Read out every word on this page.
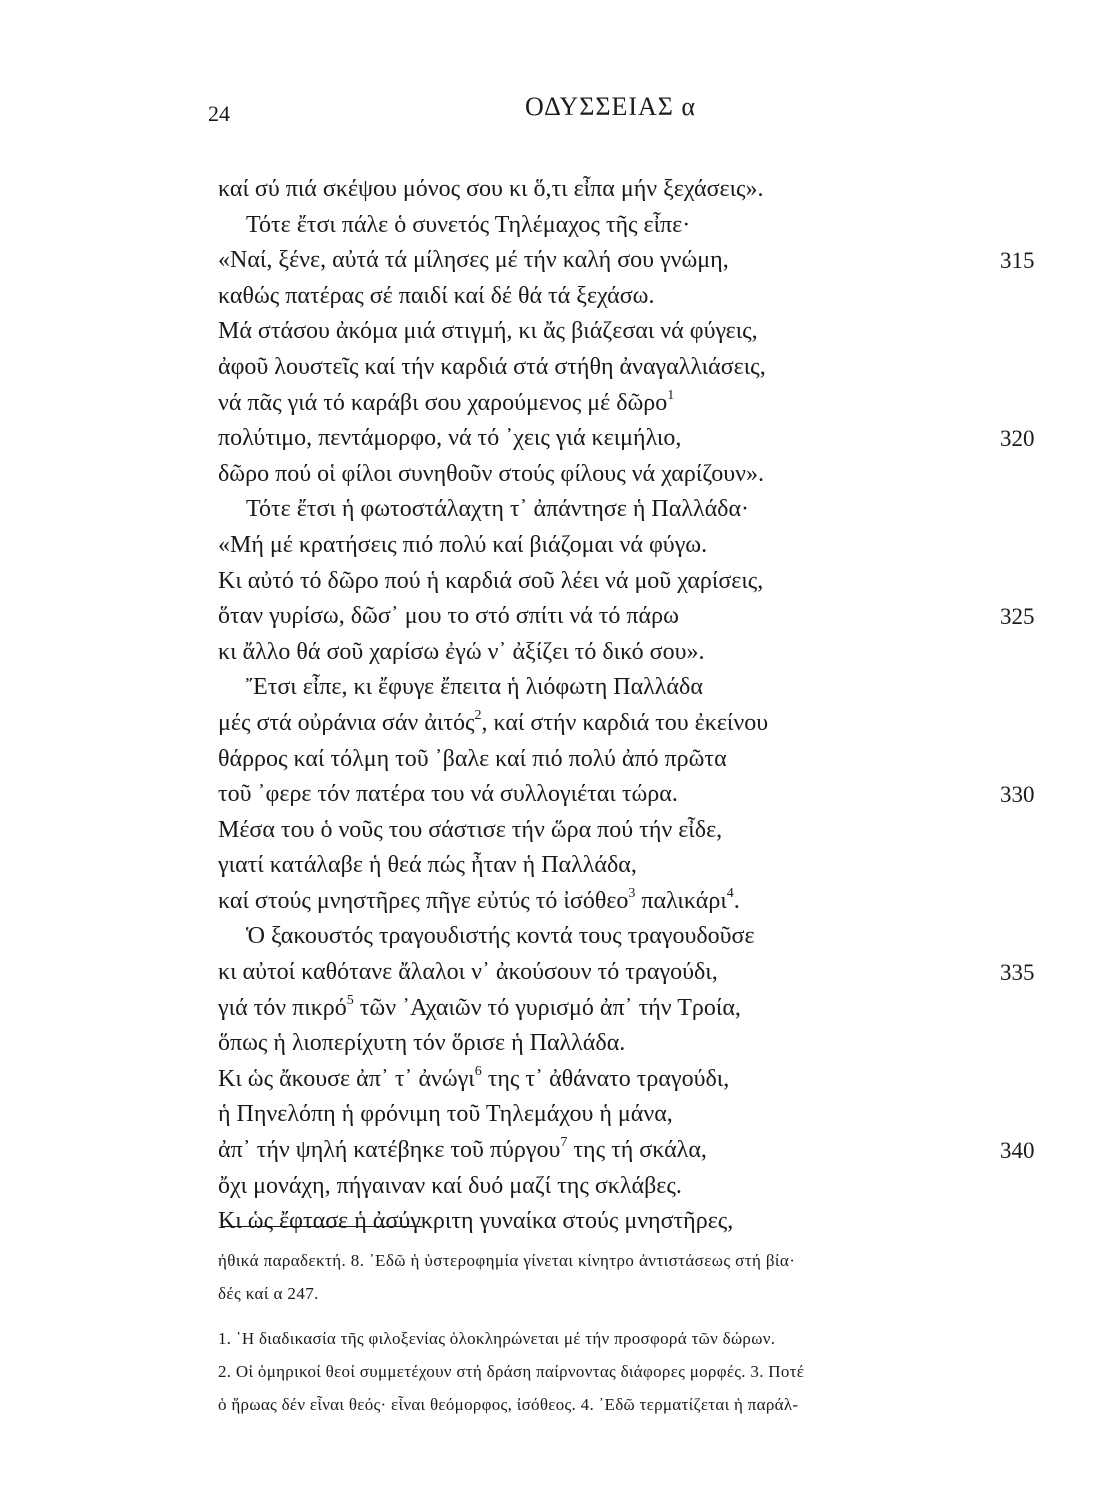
24	ΟΔΥΣΣΕΙΑΣ α
καί σύ πιά σκέψου μόνος σου κι ὅ,τι εἶπα μήν ξεχάσεις».
Τότε ἔτσι πάλε ὁ συνετός Τηλέμαχος τῆς εἶπε·
«Ναί, ξένε, αὐτά τά μίλησες μέ τήν καλή σου γνώμη,	315
καθώς πατέρας σέ παιδί καί δέ θά τά ξεχάσω.
Μά στάσου ἀκόμα μιά στιγμή, κι ἄς βιάζεσαι νά φύγεις,
ἀφοῦ λουστεῖς καί τήν καρδιά στά στήθη ἀναγαλλιάσεις,
νά πᾶς γιά τό καράβι σου χαρούμενος μέ δῶρο$^1$
πολύτιμο, πεντάμορφο, νά τό ᾽χεις γιά κειμήλιο,	320
δῶρο πού οἱ φίλοι συνηθοῦν στούς φίλους νά χαρίζουν».
Τότε ἔτσι ἡ φωτοστάλαχτη τ᾽ ἀπάντησε ἡ Παλλάδα·
«Μή μέ κρατήσεις πιό πολύ καί βιάζομαι νά φύγω.
Κι αὐτό τό δῶρο πού ἡ καρδιά σοῦ λέει νά μοῦ χαρίσεις,
ὅταν γυρίσω, δῶσ᾽ μου το στό σπίτι νά τό πάρω	325
κι ἄλλο θά σοῦ χαρίσω ἐγώ ν᾽ ἀξίζει τό δικό σου».
Ἔτσι εἶπε, κι ἔφυγε ἔπειτα ἡ λιόφωτη Παλλάδα
μές στά οὐράνια σάν ἀιτός$^2$, καί στήν καρδιά του ἐκείνου
θάρρος καί τόλμη τοῦ ᾽βαλε καί πιό πολύ ἀπό πρῶτα
τοῦ ᾽φερε τόν πατέρα του νά συλλογιέται τώρα.	330
Μέσα του ὁ νοῦς του σάστισε τήν ὥρα πού τήν εἶδε,
γιατί κατάλαβε ἡ θεά πώς ἦταν ἡ Παλλάδα,
καί στούς μνηστῆρες πῆγε εὐτύς τό ἰσόθεο$^3$ παλικάρι$^4$.
Ὁ ξακουστός τραγουδιστής κοντά τους τραγουδοῦσε
κι αὐτοί καθότανε ἄλαλοι ν᾽ ἀκούσουν τό τραγούδι,	335
γιά τόν πικρό$^5$ τῶν ᾽Αχαιῶν τό γυρισμό ἀπ᾽ τήν Τροία,
ὅπως ἡ λιοπερίχυτη τόν ὅρισε ἡ Παλλάδα.
Κι ὡς ἄκουσε ἀπ᾽ τ᾽ ἀνώγι$^6$ της τ᾽ ἀθάνατο τραγούδι,
ἡ Πηνελόπη ἡ φρόνιμη τοῦ Τηλεμάχου ἡ μάνα,
ἀπ᾽ τήν ψηλή κατέβηκε τοῦ πύργου$^7$ της τή σκάλα,	340
ὄχι μονάχη, πήγαιναν καί δυό μαζί της σκλάβες.
Κι ὡς ἔφτασε ἡ ἀσύγκριτη γυναίκα στούς μνηστῆρες,
ἠθικά παραδεκτή. 8. ᾽Εδῶ ἡ ὑστεροφημία γίνεται κίνητρο ἀντιστάσεως στή βία·
δές καί α 247.
1. ῾Η διαδικασία τῆς φιλοξενίας ὁλοκληρώνεται μέ τήν προσφορά τῶν δώρων.
2. Οἱ ὁμηρικοί θεοί συμμετέχουν στή δράση παίρνοντας διάφορες μορφές. 3. Ποτέ
ὁ ἥρωας δέν εἶναι θεός· εἶναι θεόμορφος, ἰσόθεος. 4. ᾽Εδῶ τερματίζεται ἡ παράλ-
